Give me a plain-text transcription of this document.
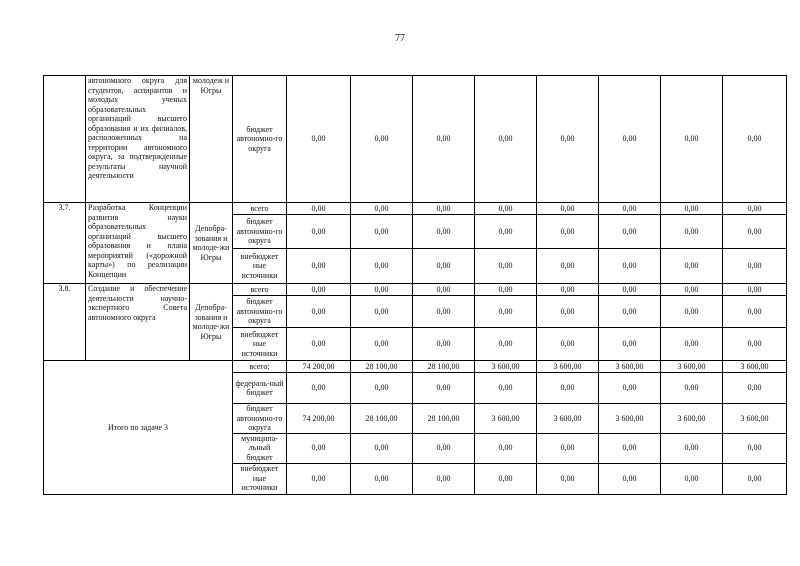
77
	автономного округа для студентов, аспирантов и молодых ученых образовательных организаций высшего образования и их филиалов, расположенных на территории автономного округа, за подтвержденные результаты научной деятельности	молодеж и Югры	бюджет автономно-го округа	0,00	0,00	0,00	0,00	0,00	0,00	0,00	0,00
3.7.	Разработка Концепции развития науки образовательных организаций высшего образования и плана мероприятий («дорожной карты») по реализации Концепции	Депобра-зования и молоде-жи Югры	всего	0,00	0,00	0,00	0,00	0,00	0,00	0,00	0,00
			бюджет автономно-го округа	0,00	0,00	0,00	0,00	0,00	0,00	0,00	0,00
			внебюджет ные источники	0,00	0,00	0,00	0,00	0,00	0,00	0,00	0,00
3.8.	Создание и обеспечение деятельности научно-экспертного Совета автономного округа	Депобра-зования и молоде-жи Югры	всего	0,00	0,00	0,00	0,00	0,00	0,00	0,00	0,00
			бюджет автономно-го округа	0,00	0,00	0,00	0,00	0,00	0,00	0,00	0,00
			внебюджет ные источники	0,00	0,00	0,00	0,00	0,00	0,00	0,00	0,00
Итого по задаче 3			всего:	74 200,00	28 100,00	28 100,00	3 600,00	3 600,00	3 600,00	3 600,00	3 600,00
			федераль-ный бюджет	0,00	0,00	0,00	0,00	0,00	0,00	0,00	0,00
			бюджет автономно-го округа	74 200,00	28 100,00	28 100,00	3 600,00	3 600,00	3 600,00	3 600,00	3 600,00
			муниципа-льный бюджет	0,00	0,00	0,00	0,00	0,00	0,00	0,00	0,00
			внебюджет ные источники	0,00	0,00	0,00	0,00	0,00	0,00	0,00	0,00
